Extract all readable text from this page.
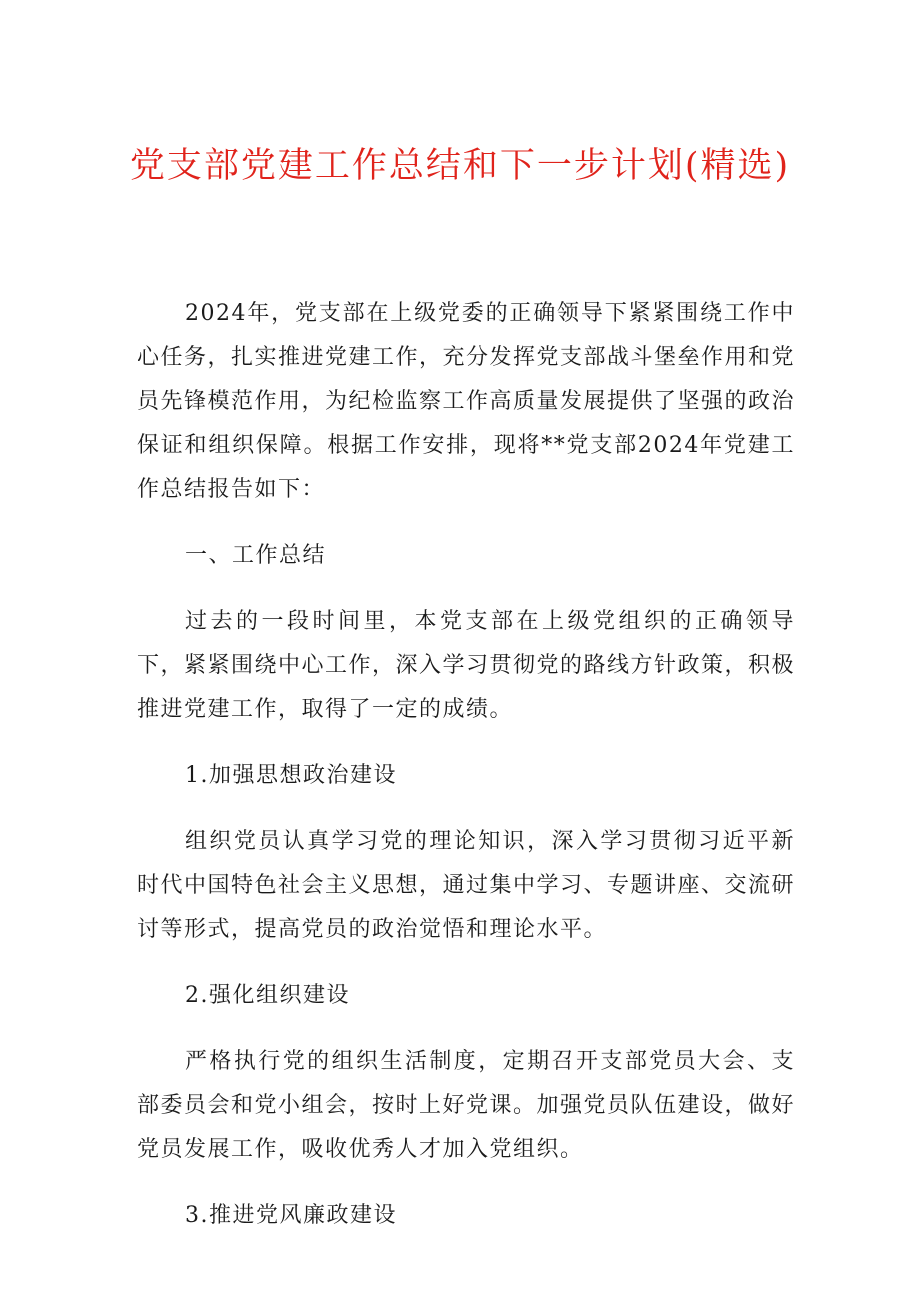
党支部党建工作总结和下一步计划(精选)

2024年，党支部在上级党委的正确领导下紧紧围绕工作中心任务，扎实推进党建工作，充分发挥党支部战斗堡垒作用和党员先锋模范作用，为纪检监察工作高质量发展提供了坚强的政治保证和组织保障。根据工作安排，现将**党支部2024年党建工作总结报告如下：

一、工作总结

过去的一段时间里，本党支部在上级党组织的正确领导下，紧紧围绕中心工作，深入学习贯彻党的路线方针政策，积极推进党建工作，取得了一定的成绩。

1.加强思想政治建设

组织党员认真学习党的理论知识，深入学习贯彻习近平新时代中国特色社会主义思想，通过集中学习、专题讲座、交流研讨等形式，提高党员的政治觉悟和理论水平。

2.强化组织建设

严格执行党的组织生活制度，定期召开支部党员大会、支部委员会和党小组会，按时上好党课。加强党员队伍建设，做好党员发展工作，吸收优秀人才加入党组织。

3.推进党风廉政建设
